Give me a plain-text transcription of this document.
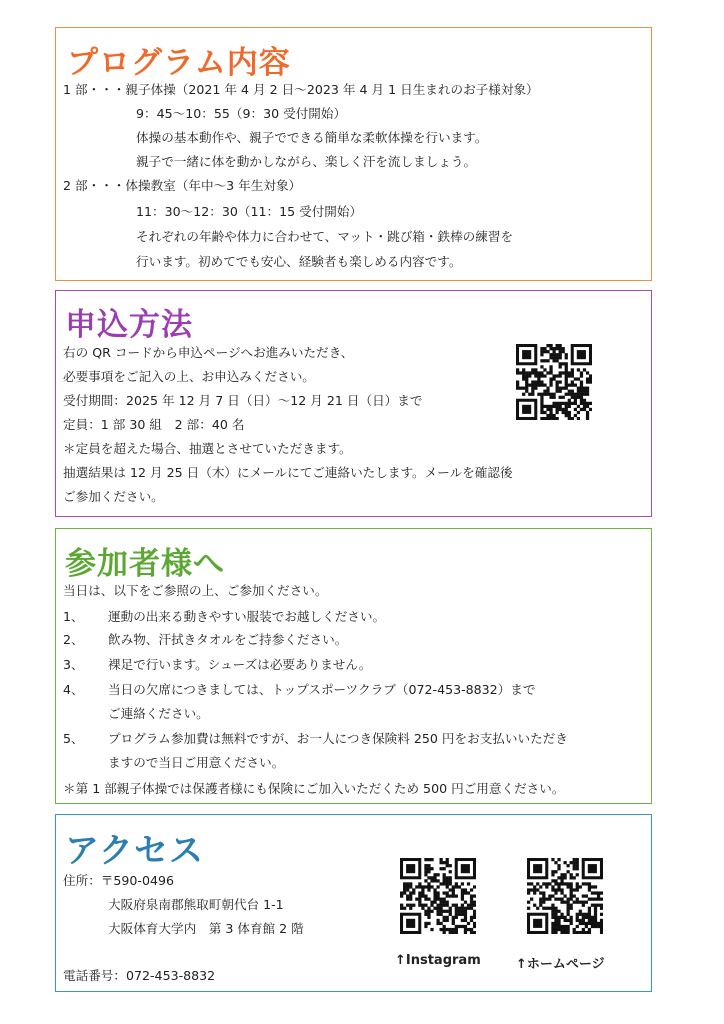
プログラム内容
1 部・・・親子体操（2021 年 4 月 2 日～2023 年 4 月 1 日生まれのお子様対象）
9：45～10：55（9：30 受付開始）
体操の基本動作や、親子でできる簡単な柔軟体操を行います。
親子で一緒に体を動かしながら、楽しく汗を流しましょう。
2 部・・・体操教室（年中～3 年生対象）
11：30～12：30（11：15 受付開始）
それぞれの年齢や体力に合わせて、マット・跳び箱・鉄棒の練習を
行います。初めてでも安心、経験者も楽しめる内容です。
申込方法
右の QR コードから申込ページへお進みいただき、
必要事項をご記入の上、お申込みください。
受付期間：2025 年 12 月 7 日（日）～12 月 21 日（日）まで
定員：1 部 30 組　2 部：40 名
＊定員を超えた場合、抽選とさせていただきます。
抽選結果は 12 月 25 日（木）にメールにてご連絡いたします。メールを確認後
ご参加ください。
参加者様へ
当日は、以下をご参照の上、ご参加ください。
1、 運動の出来る動きやすい服装でお越しください。
2、 飲み物、汗拭きタオルをご持参ください。
3、 裸足で行います。シューズは必要ありません。
4、 当日の欠席につきましては、トップスポーツクラブ（072-453-8832）まで
ご連絡ください。
5、 プログラム参加費は無料ですが、お一人につき保険料 250 円をお支払いいただき
ますので当日ご用意ください。
＊第 1 部親子体操では保護者様にも保険にご加入いただくため 500 円ご用意ください。
アクセス
住所：〒590-0496
大阪府泉南郡熊取町朝代台 1-1
大阪体育大学内　第 3 体育館 2 階
電話番号：072-453-8832
↑Instagram	↑ホームページ
